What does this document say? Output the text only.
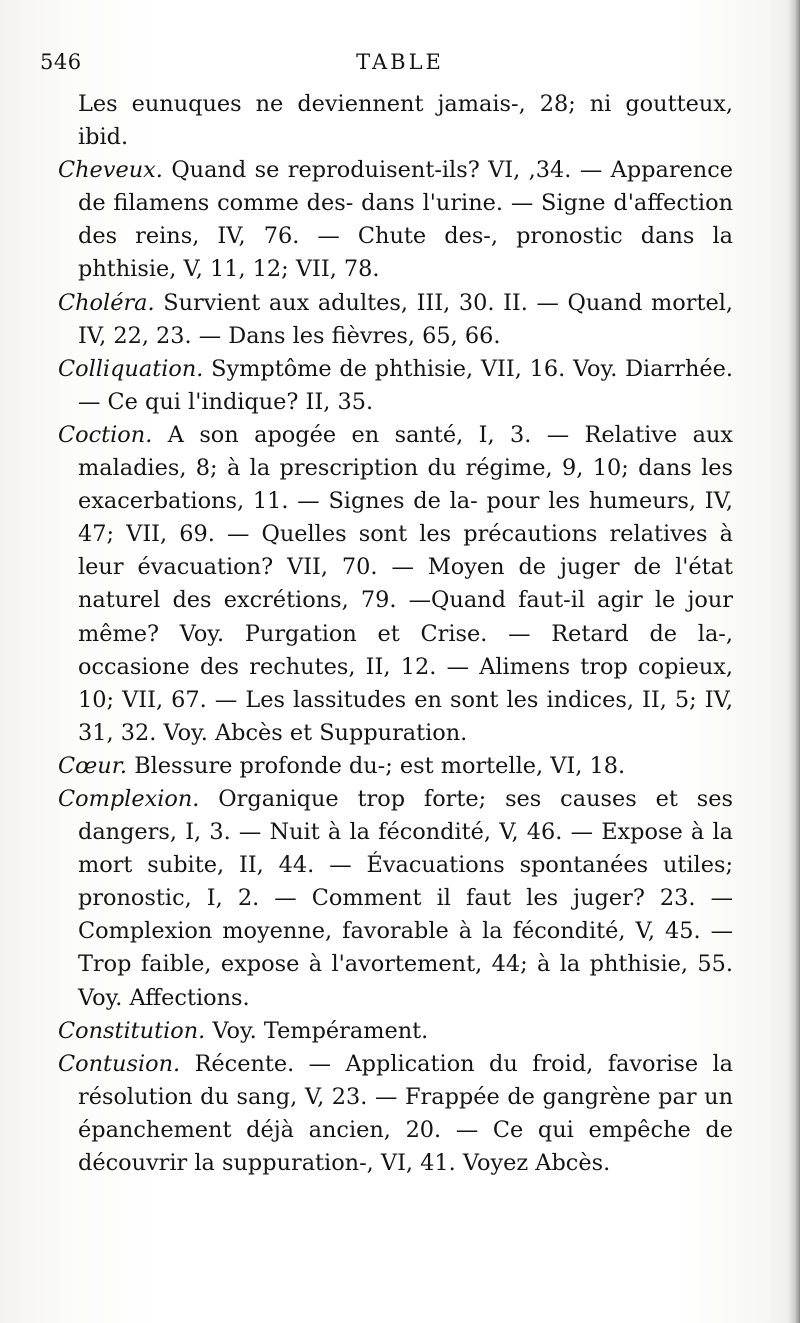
546	TABLE

Les eunuques ne deviennent jamais-, 28; ni goutteux, ibid.

Cheveux. Quand se reproduisent-ils? VI, ,34. — Apparence de filamens comme des- dans l'urine. — Signe d'affection des reins, IV, 76. — Chute des-, pronostic dans la phthisie, V, 11, 12; VII, 78.

Choléra. Survient aux adultes, III, 30. II. — Quand mortel, IV, 22, 23. — Dans les fièvres, 65, 66.

Colliquation. Symptôme de phthisie, VII, 16. Voy. Diarrhée. — Ce qui l'indique? II, 35.

Coction. A son apogée en santé, I, 3. — Relative aux maladies, 8; à la prescription du régime, 9, 10; dans les exacerbations, 11. — Signes de la- pour les humeurs, IV, 47; VII, 69. — Quelles sont les précautions relatives à leur évacuation? VII, 70. — Moyen de juger de l'état naturel des excrétions, 79. —Quand faut-il agir le jour même? Voy. Purgation et Crise. — Retard de la-, occasione des rechutes, II, 12. — Alimens trop copieux, 10; VII, 67. — Les lassitudes en sont les indices, II, 5; IV, 31, 32. Voy. Abcès et Suppuration.

Cœur. Blessure profonde du-; est mortelle, VI, 18.

Complexion. Organique trop forte; ses causes et ses dangers, I, 3. — Nuit à la fécondité, V, 46. — Expose à la mort subite, II, 44. — Évacuations spontanées utiles; pronostic, I, 2. — Comment il faut les juger? 23. —Complexion moyenne, favorable à la fécondité, V, 45. — Trop faible, expose à l'avortement, 44; à la phthisie, 55. Voy. Affections.

Constitution. Voy. Tempérament.

Contusion. Récente. — Application du froid, favorise la résolution du sang, V, 23. — Frappée de gangrène par un épanchement déjà ancien, 20. — Ce qui empêche de découvrir la suppuration-, VI, 41. Voyez Abcès.
